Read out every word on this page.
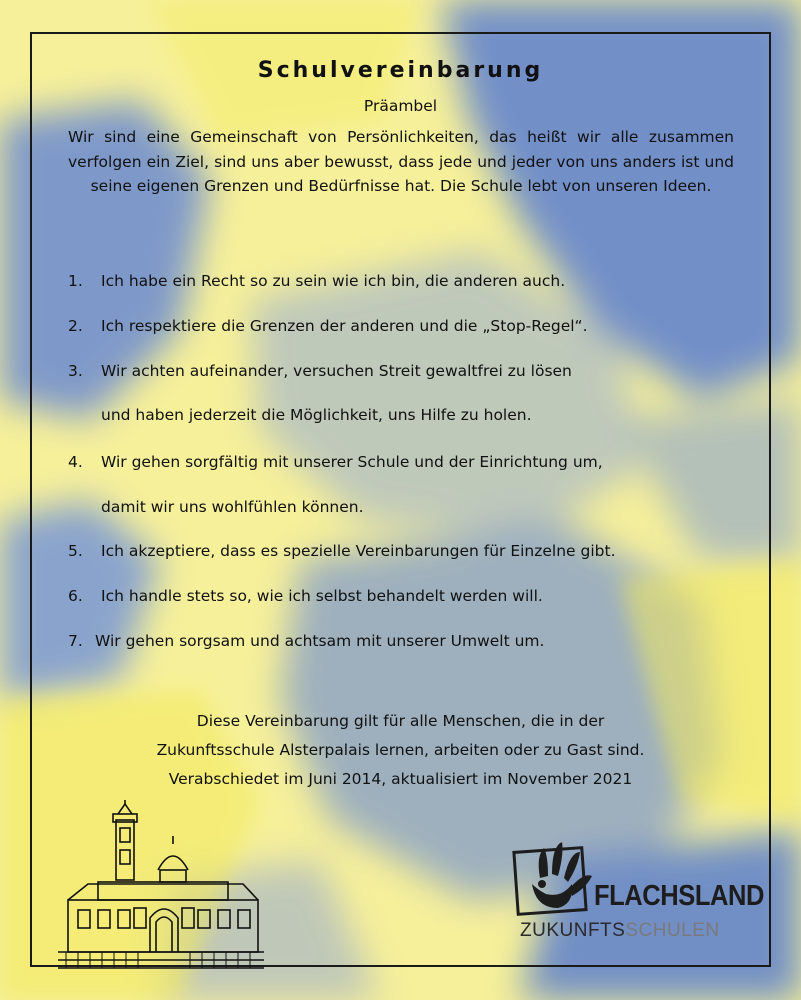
Schulvereinbarung
Präambel
Wir sind eine Gemeinschaft von Persönlichkeiten, das heißt wir alle zusammen verfolgen ein Ziel, sind uns aber bewusst, dass jede und jeder von uns anders ist und seine eigenen Grenzen und Bedürfnisse hat. Die Schule lebt von unseren Ideen.
1. Ich habe ein Recht so zu sein wie ich bin, die anderen auch.
2. Ich respektiere die Grenzen der anderen und die „Stop-Regel“.
3. Wir achten aufeinander, versuchen Streit gewaltfrei zu lösen
und haben jederzeit die Möglichkeit, uns Hilfe zu holen.
4. Wir gehen sorgfältig mit unserer Schule und der Einrichtung um,
damit wir uns wohlfühlen können.
5. Ich akzeptiere, dass es spezielle Vereinbarungen für Einzelne gibt.
6. Ich handle stets so, wie ich selbst behandelt werden will.
7. Wir gehen sorgsam und achtsam mit unserer Umwelt um.
Diese Vereinbarung gilt für alle Menschen, die in der
Zukunftsschule Alsterpalais lernen, arbeiten oder zu Gast sind.
Verabschiedet im Juni 2014, aktualisiert im November 2021
FLACHSLAND
ZUKUNFTSSCHULEN
